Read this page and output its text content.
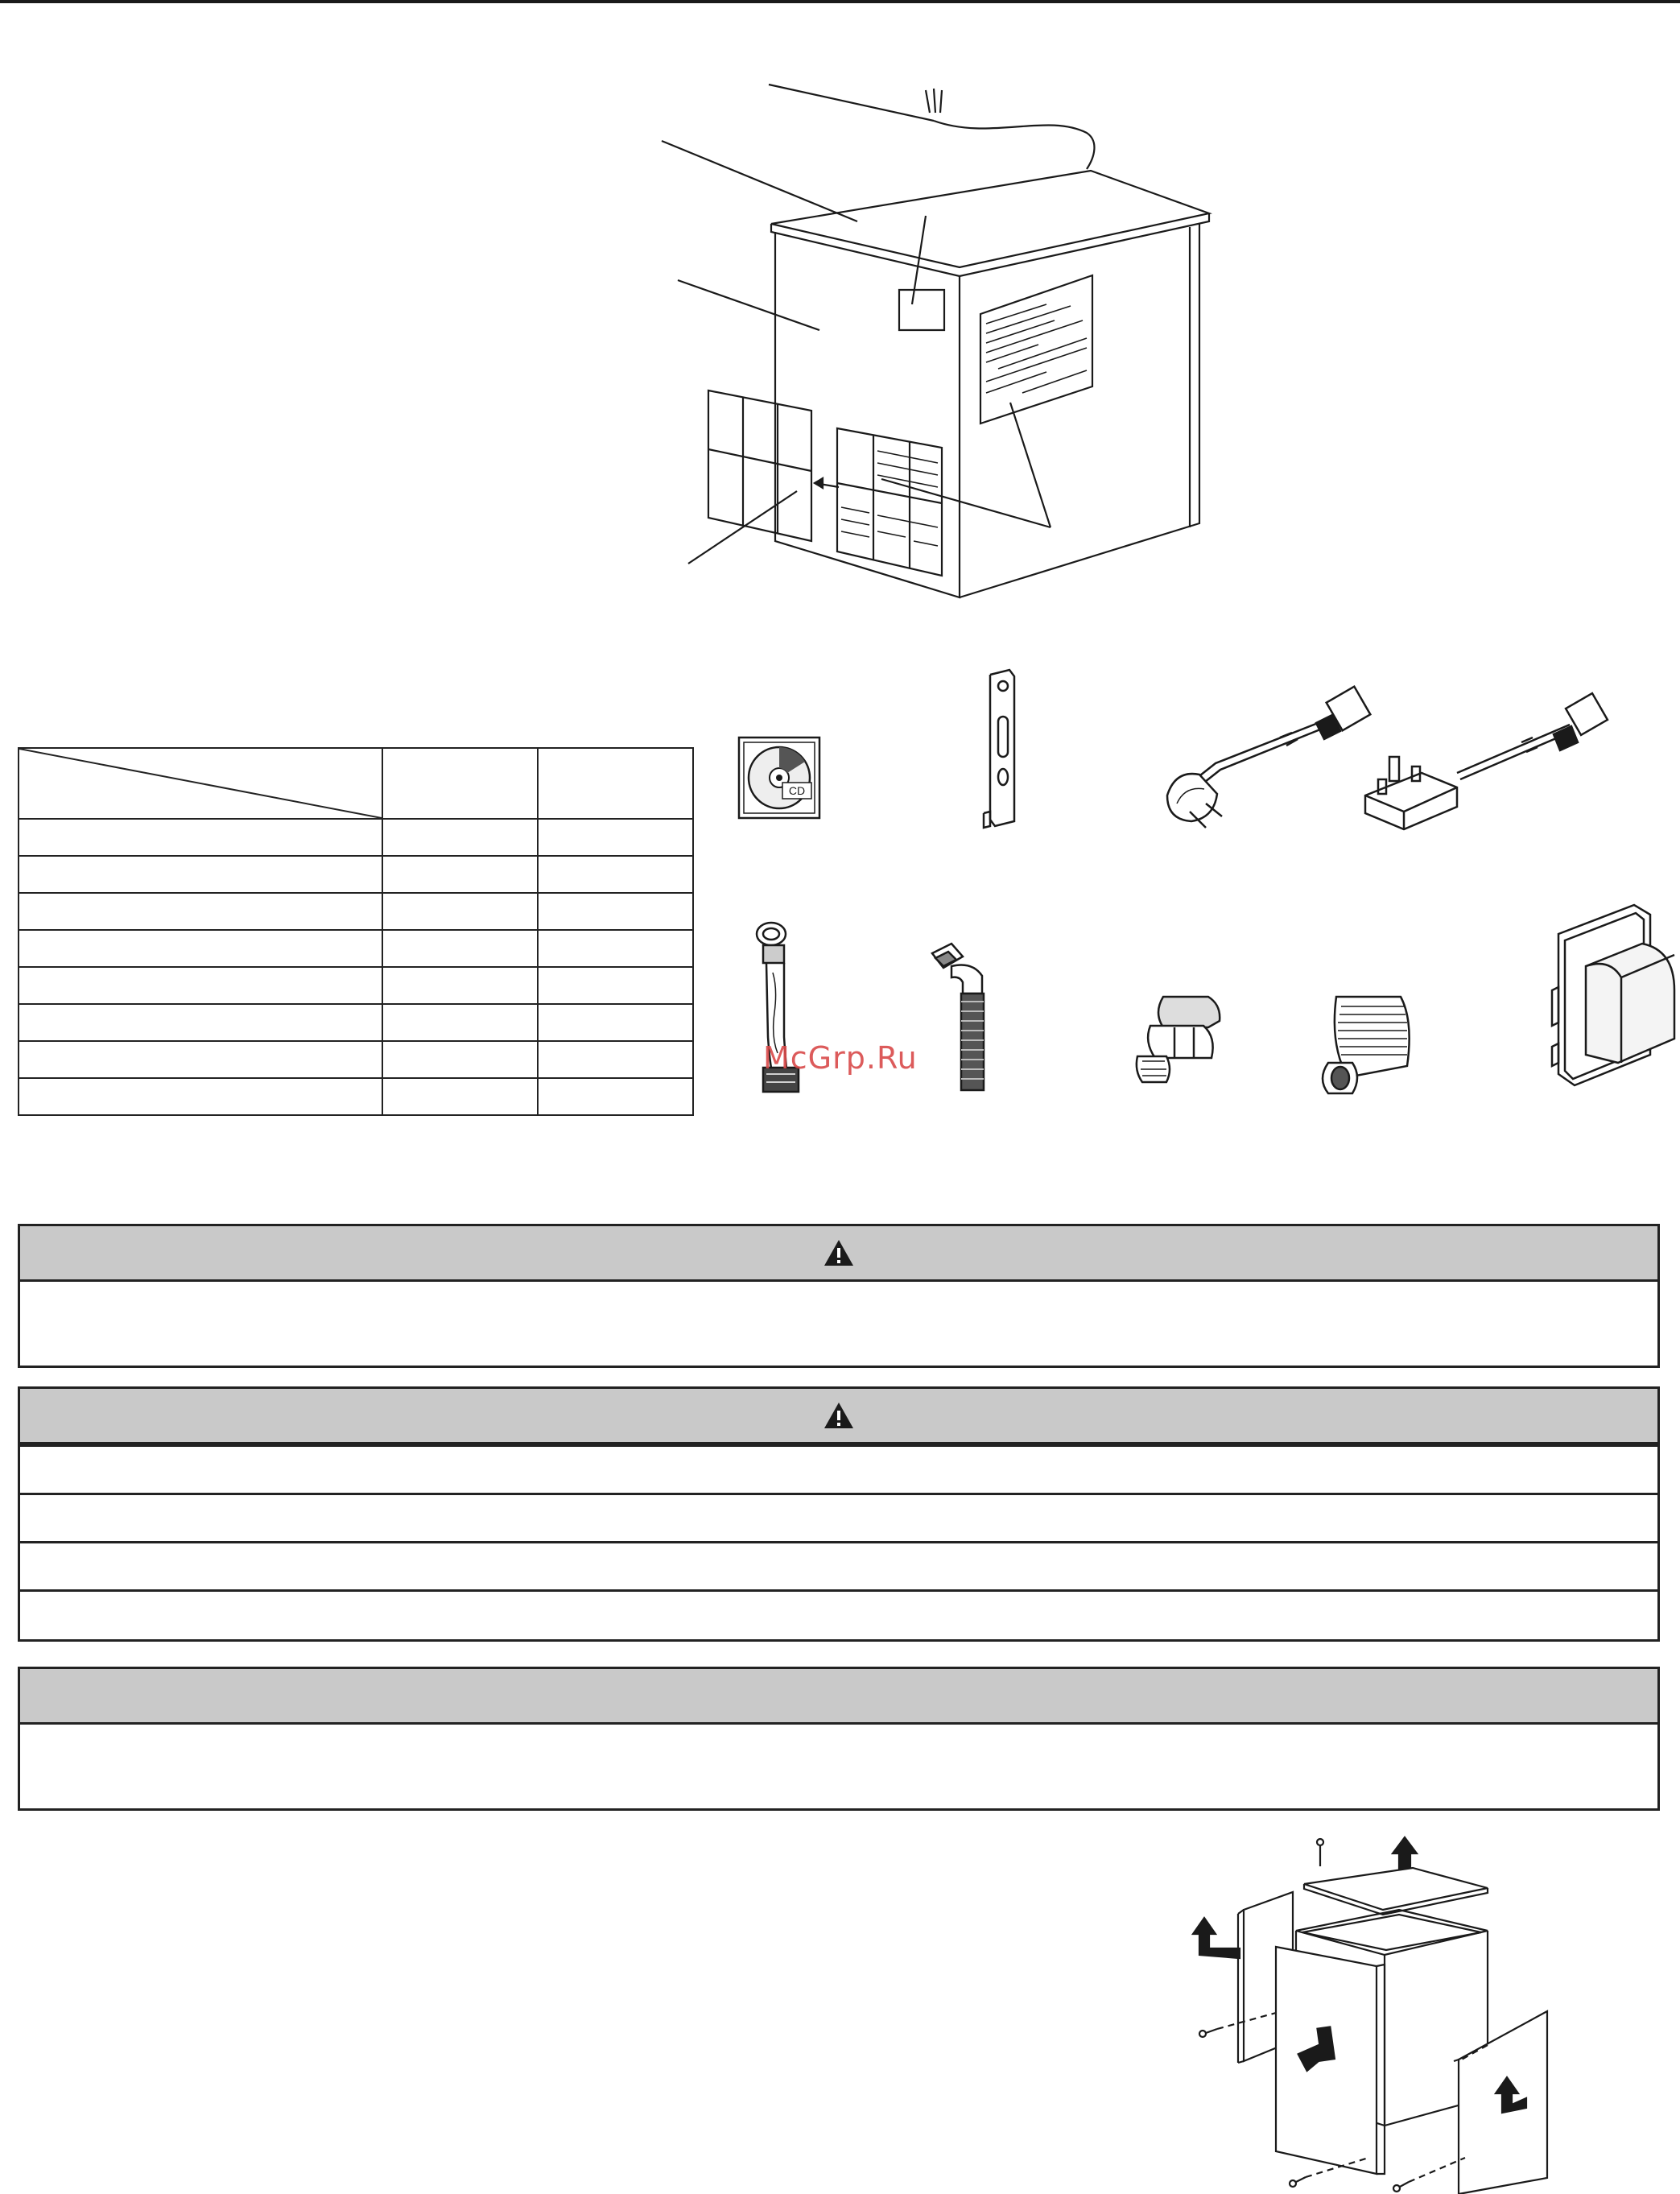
CD
McGrp.Ru
